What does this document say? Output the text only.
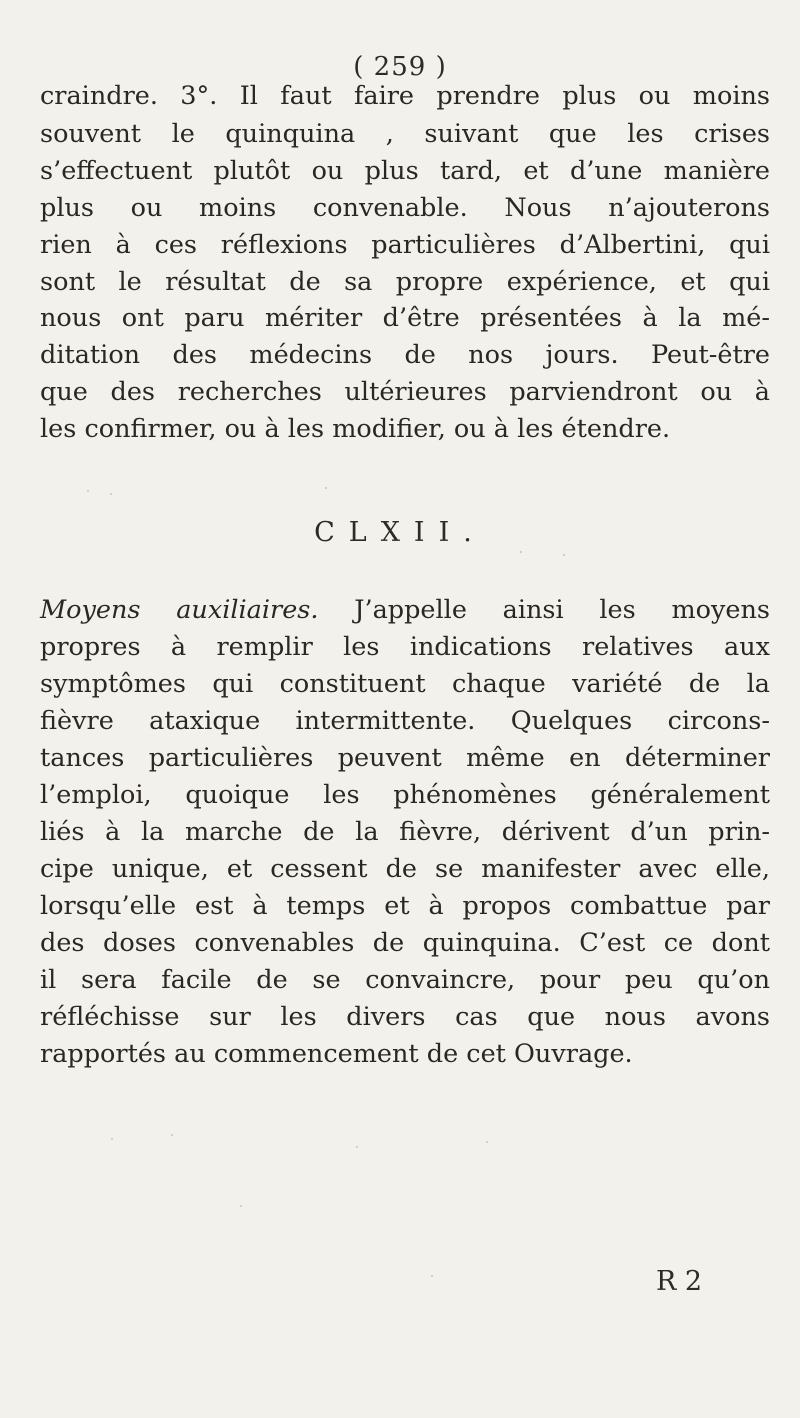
( 259 )
craindre. 3°. Il faut faire prendre plus ou moins
souvent le quinquina , suivant que les crises
s’effectuent plutôt ou plus tard, et d’une manière
plus ou moins convenable. Nous n’ajouterons
rien à ces réflexions particulières d’Albertini, qui
sont le résultat de sa propre expérience, et qui
nous ont paru mériter d’être présentées à la mé-
ditation des médecins de nos jours. Peut-être
que des recherches ultérieures parviendront ou à
les confirmer, ou à les modifier, ou à les étendre.
CLXII.
Moyens auxiliaires. J’appelle ainsi les moyens
propres à remplir les indications relatives aux
symptômes qui constituent chaque variété de la
fièvre ataxique intermittente. Quelques circons-
tances particulières peuvent même en déterminer
l’emploi, quoique les phénomènes généralement
liés à la marche de la fièvre, dérivent d’un prin-
cipe unique, et cessent de se manifester avec elle,
lorsqu’elle est à temps et à propos combattue par
des doses convenables de quinquina. C’est ce dont
il sera facile de se convaincre, pour peu qu’on
réfléchisse sur les divers cas que nous avons
rapportés au commencement de cet Ouvrage.
R 2
